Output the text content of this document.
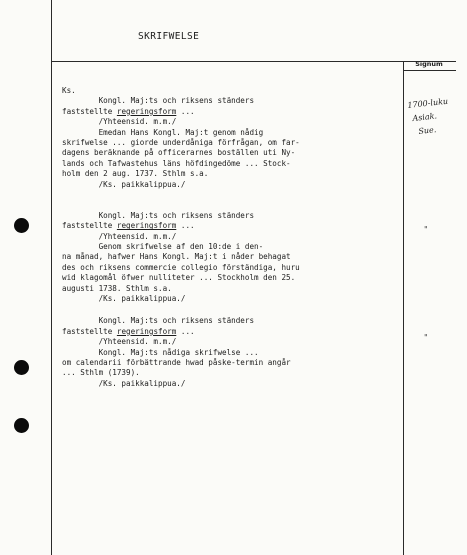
SKRIFWELSE
Signum
Ks.
Kongl. Maj:ts och riksens ständers
faststellte regeringsform ...
/Yhteensid. m.m./
Emedan Hans Kongl. Maj:t genom nådig
skrifwelse ... giorde underdåniga förfrågan, om far-
dagens beräknande på officerarnes boställen uti Ny-
lands och Tafwastehus läns höfdingedöme ... Stock-
holm den 2 aug. 1737. Sthlm s.a.
/Ks. paikkalippua./
Kongl. Maj:ts och riksens ständers
faststellte regeringsform ...
/Yhteensid. m.m./
Genom skrifwelse af den 10:de i den-
na månad, hafwer Hans Kongl. Maj:t i nåder behagat
des och riksens commercie collegio förständiga, huru
wid klagomål öfwer nulliteter ... Stockholm den 25.
augusti 1738. Sthlm s.a.
/Ks. paikkalippua./
Kongl. Maj:ts och riksens ständers
faststellte regeringsform ...
/Yhteensid. m.m./
Kongl. Maj:ts nådiga skrifwelse ...
om calendarii förbättrande hwad påske-termin angår
... Sthlm (1739).
/Ks. paikkalippua./
1700-luku
Asiak.
Sue.
"
"
